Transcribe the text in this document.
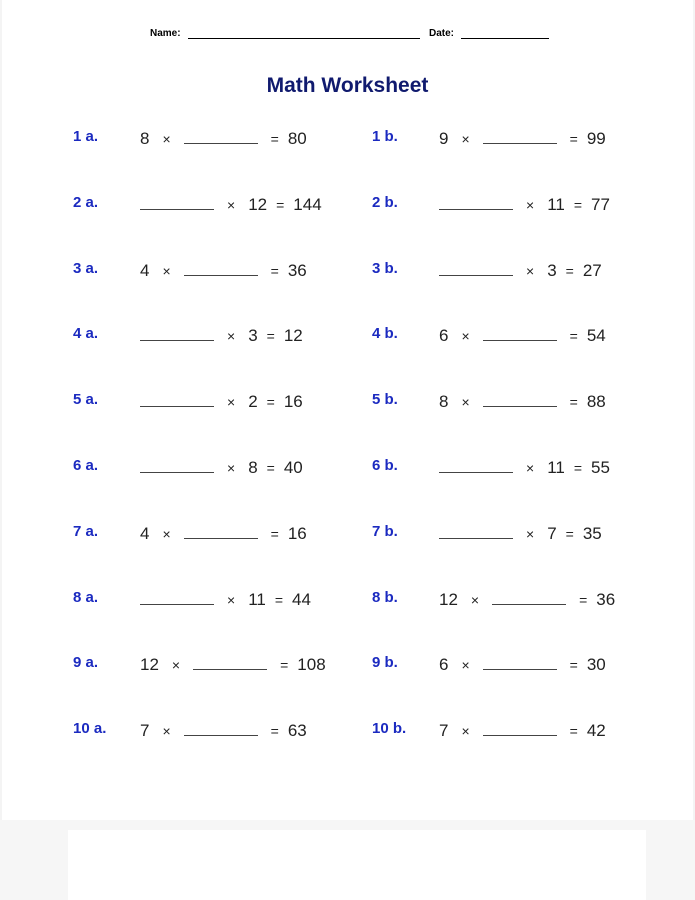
Name:	Date:
Math Worksheet
1 a. 8 ×	= 80	1 b. 9 ×	= 99
2 a.	× 12 = 144	2 b.	× 11 = 77
3 a. 4 ×	= 36	3 b.	× 3 = 27
4 a.	× 3 = 12	4 b. 6 ×	= 54
5 a.	× 2 = 16	5 b. 8 ×	= 88
6 a.	× 8 = 40	6 b.	× 11 = 55
7 a. 4 ×	= 16	7 b.	× 7 = 35
8 a.	× 11 = 44	8 b. 12 ×	= 36
9 a. 12 ×	= 108	9 b. 6 ×	= 30
10 a. 7 ×	= 63	10 b. 7 ×	= 42
